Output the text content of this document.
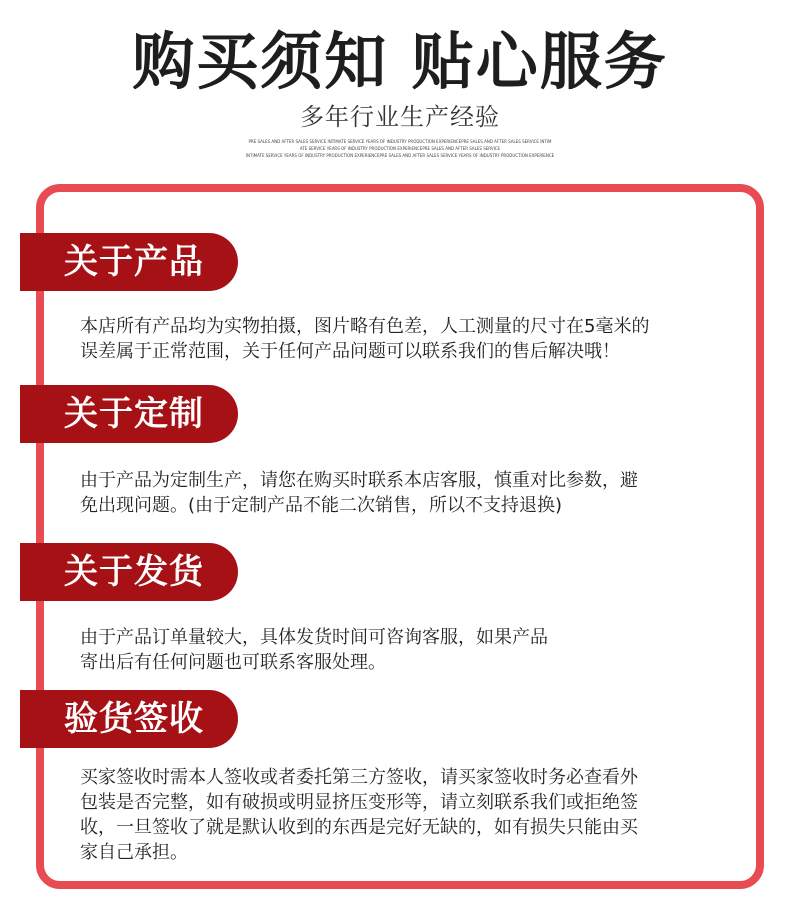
购买须知 贴心服务
多年行业生产经验
PRE SALES AND AFTER SALES SERVICE INTIMATE SERVICE YEARS OF INDUSTRY PRODUCTION EXPERIENCEPRE SALES AND AFTER SALES SERVICE INTIM
ATE SERVICE YEARS OF INDUSTRY PRODUCTION EXPERIENCEPRE SALES AND AFTER SALES SERVICE
INTIMATE SERVICE YEARS OF INDUSTRY PRODUCTION EXPERIENCEPRE SALES AND AFTER SALES SERVICE YEARS OF INDUSTRY PRODUCTION EXPERIENCE
关于产品
本店所有产品均为实物拍摄，图片略有色差，人工测量的尺寸在5毫米的
误差属于正常范围，关于任何产品问题可以联系我们的售后解决哦！
关于定制
由于产品为定制生产，请您在购买时联系本店客服，慎重对比参数，避
免出现问题。(由于定制产品不能二次销售，所以不支持退换)
关于发货
由于产品订单量较大，具体发货时间可咨询客服，如果产品
寄出后有任何问题也可联系客服处理。
验货签收
买家签收时需本人签收或者委托第三方签收，请买家签收时务必查看外
包装是否完整，如有破损或明显挤压变形等，请立刻联系我们或拒绝签
收，一旦签收了就是默认收到的东西是完好无缺的，如有损失只能由买
家自己承担。
